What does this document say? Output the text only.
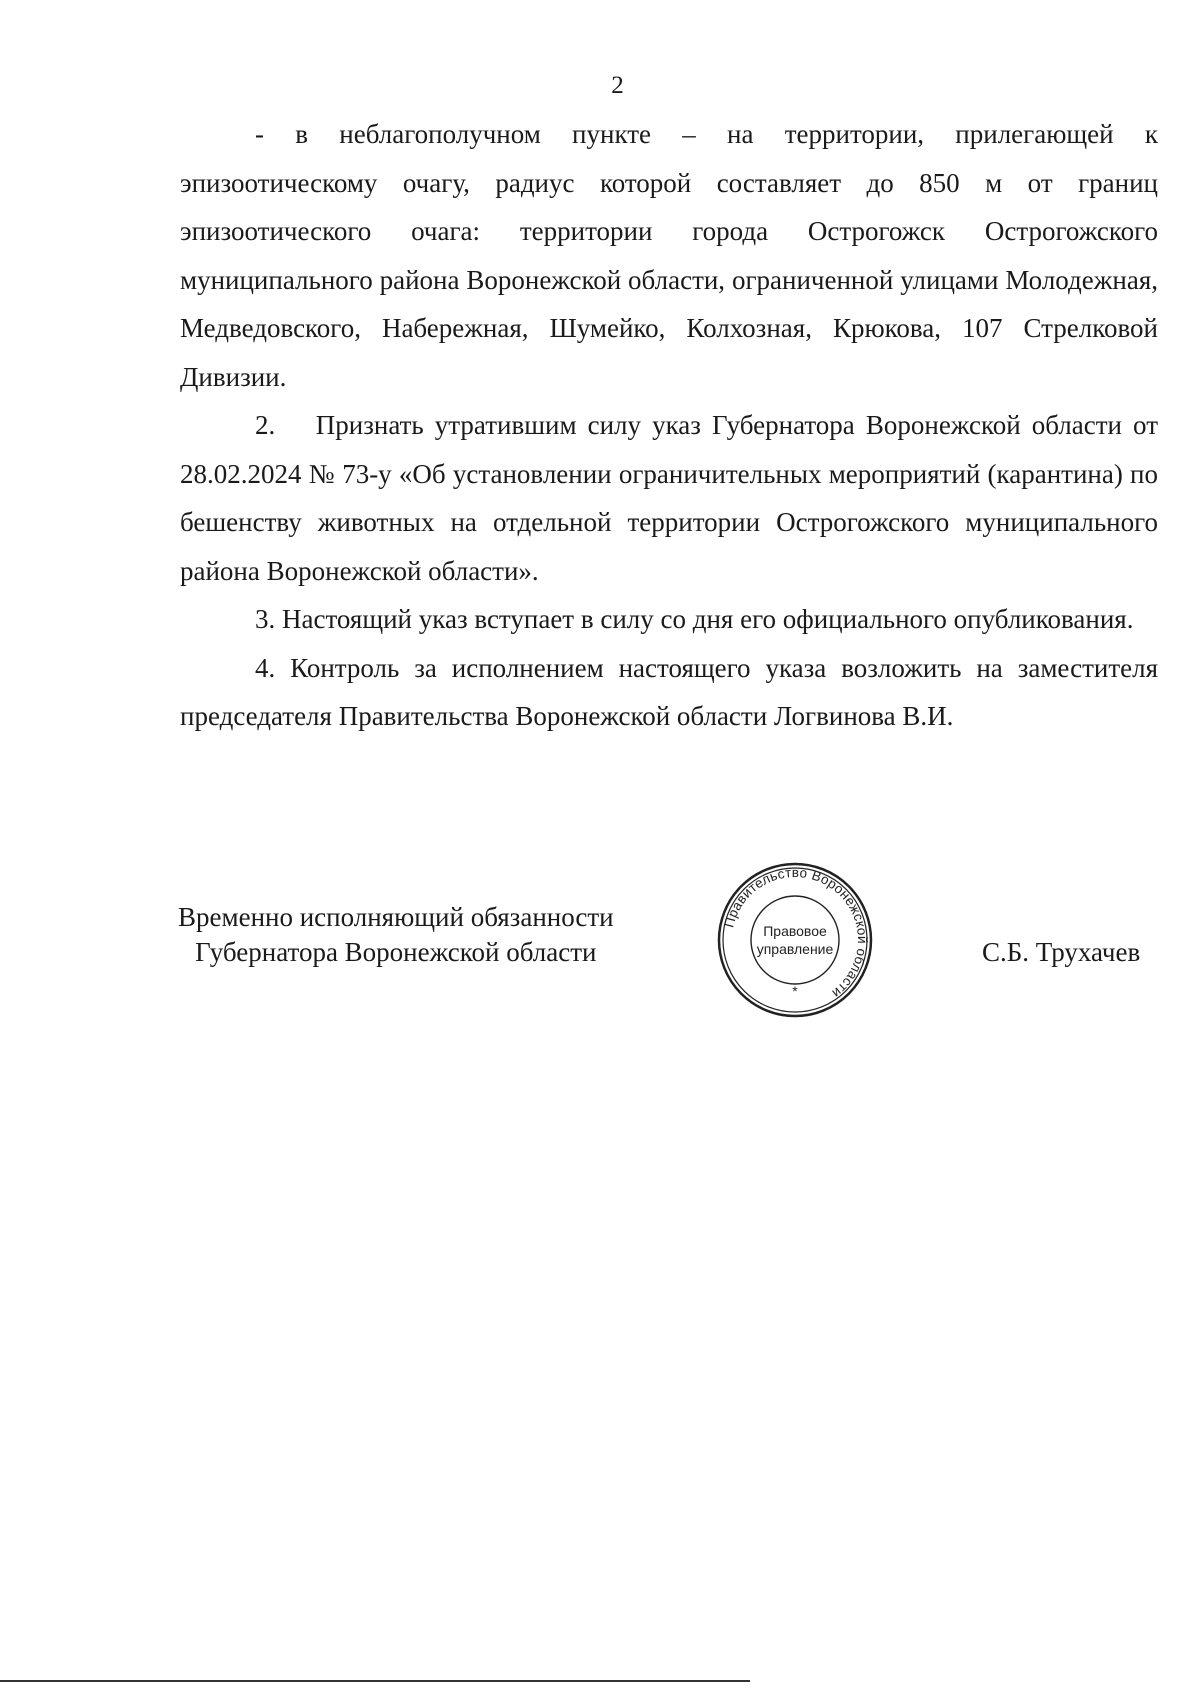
2

- в неблагополучном пункте – на территории, прилегающей к эпизоотическому очагу, радиус которой составляет до 850 м от границ эпизоотического очага: территории города Острогожск Острогожского муниципального района Воронежской области, ограниченной улицами Молодежная, Медведовского, Набережная, Шумейко, Колхозная, Крюкова, 107 Стрелковой Дивизии.

2.  Признать утратившим силу указ Губернатора Воронежской области от 28.02.2024 № 73-у «Об установлении ограничительных мероприятий (карантина) по бешенству животных на отдельной территории Острогожского муниципального района Воронежской области».

3. Настоящий указ вступает в силу со дня его официального опубликования.

4. Контроль за исполнением настоящего указа возложить на заместителя председателя Правительства Воронежской области Логвинова В.И.

Временно исполняющий обязанности
Губернатора Воронежской области
Правительство Воронежской области
Правовое
управление
*
С.Б. Трухачев
